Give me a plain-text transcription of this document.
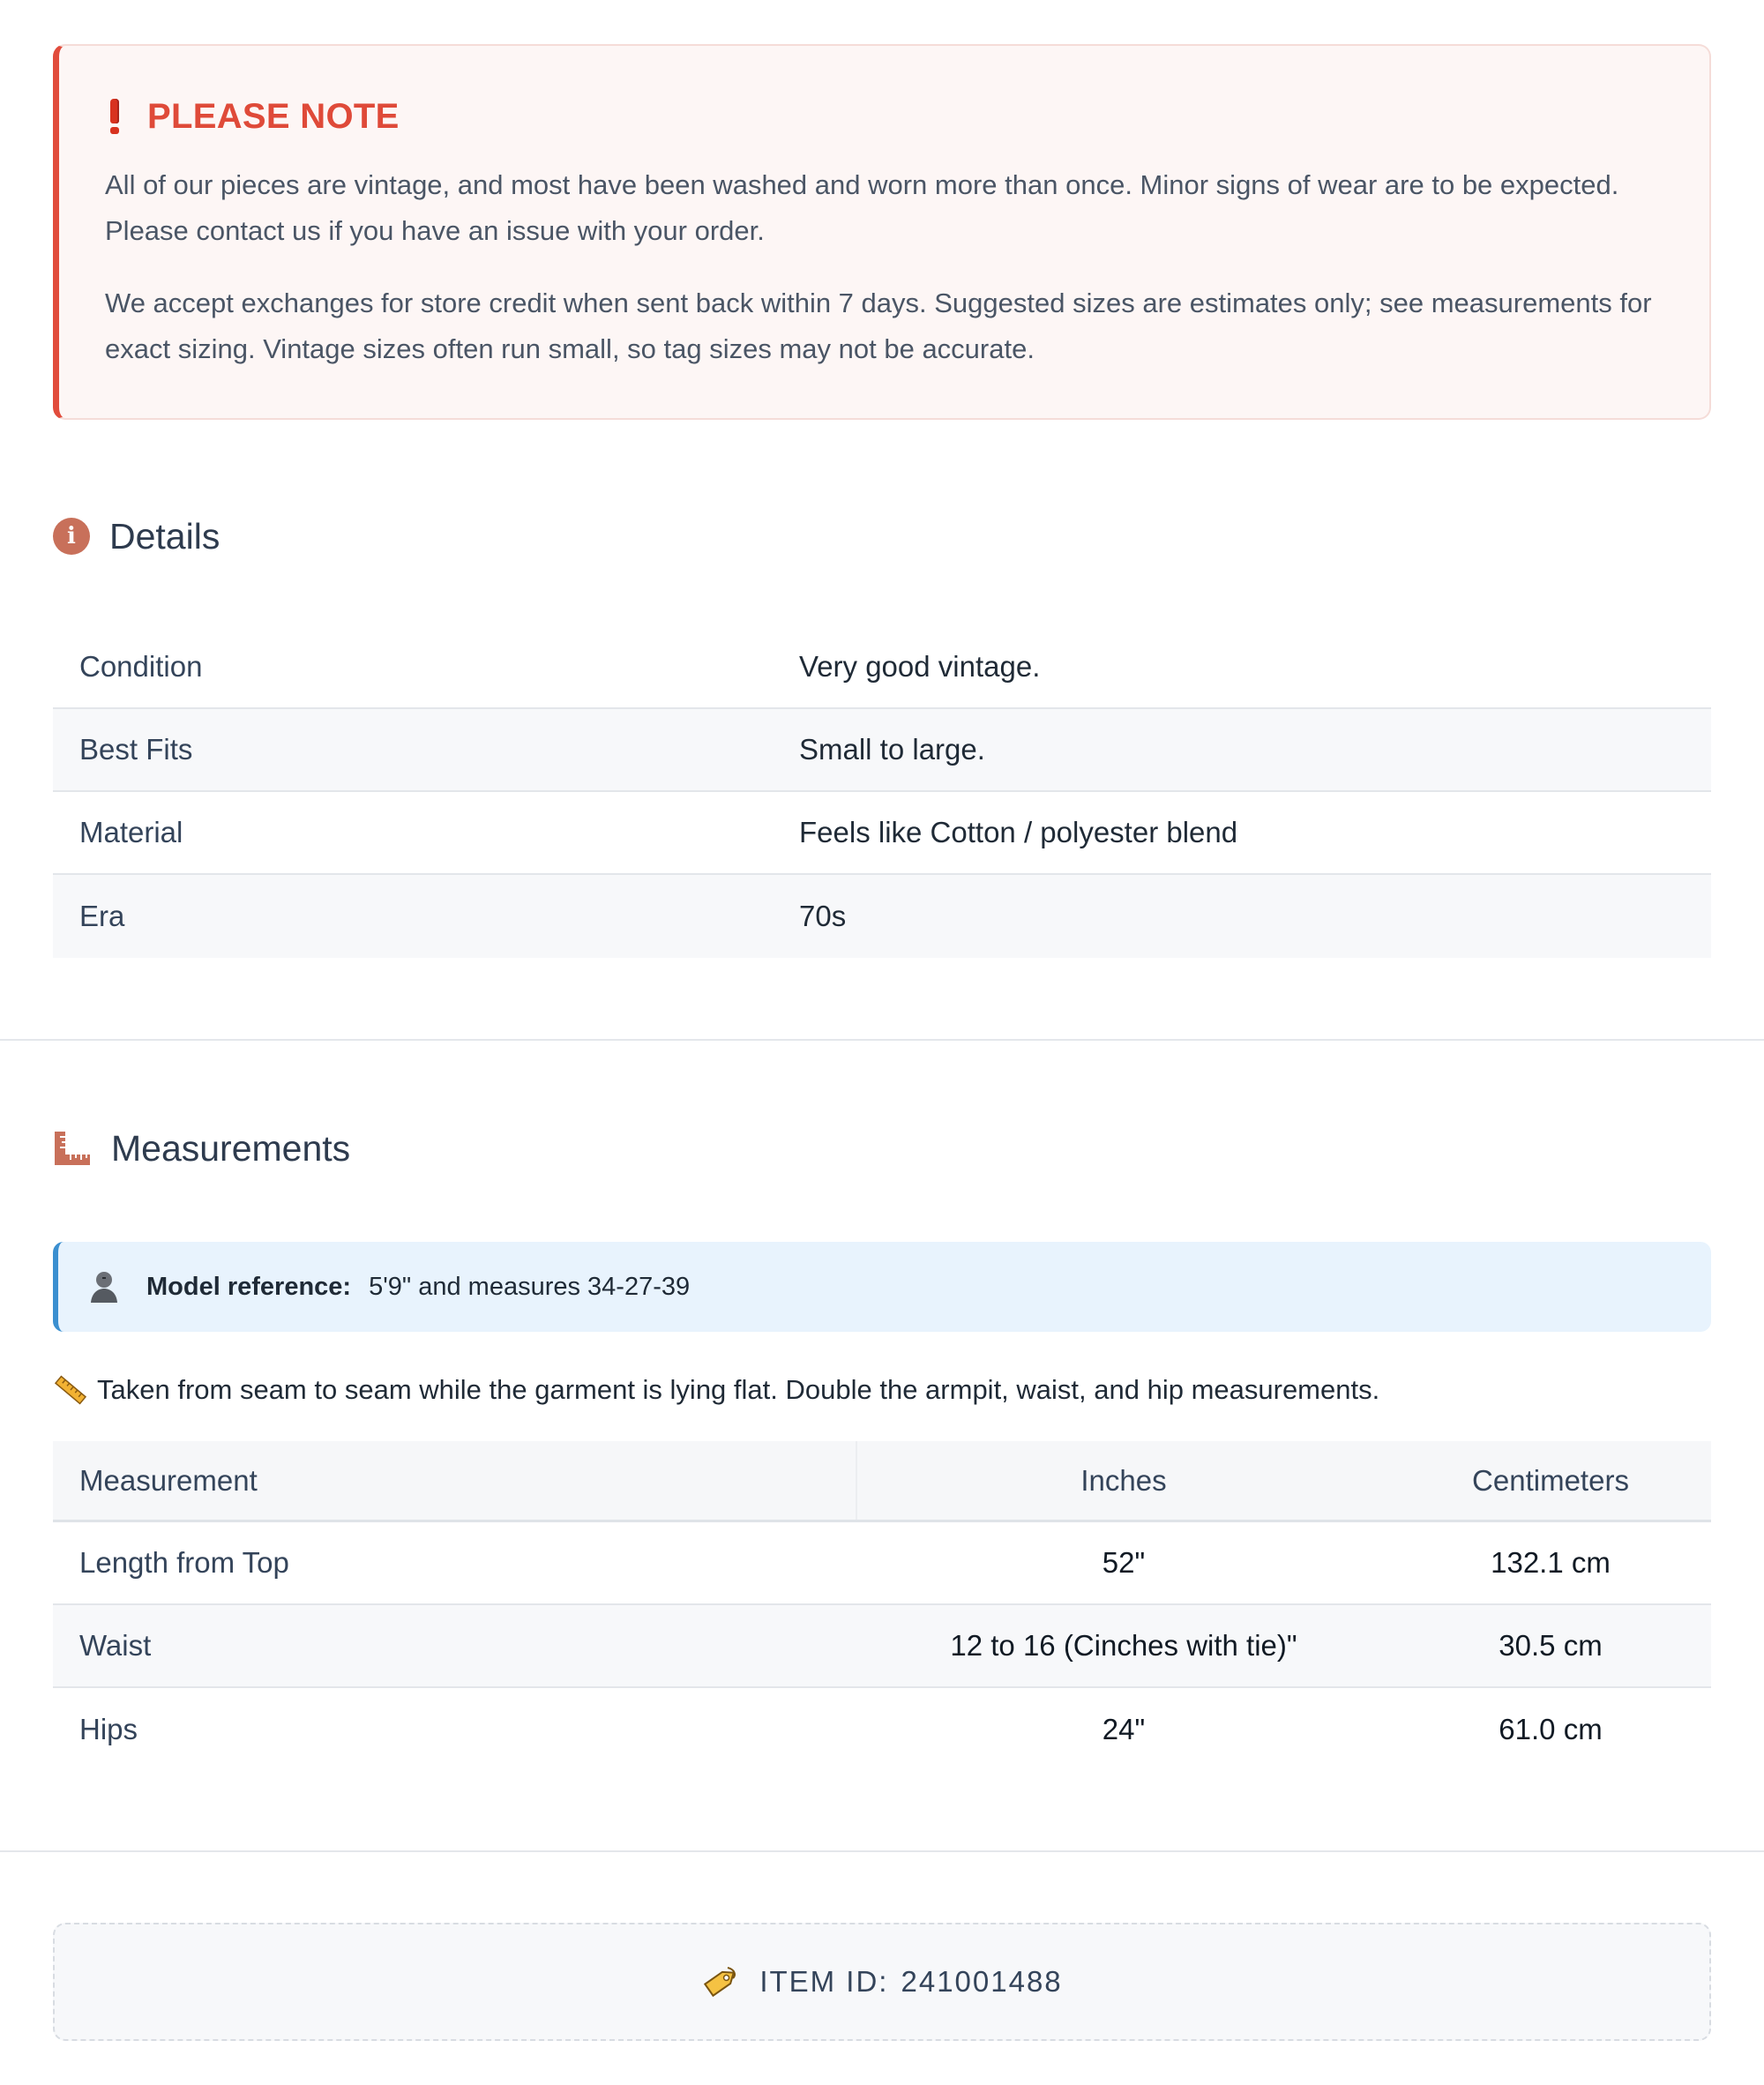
PLEASE NOTE

All of our pieces are vintage, and most have been washed and worn more than once. Minor signs of wear are to be expected. Please contact us if you have an issue with your order.

We accept exchanges for store credit when sent back within 7 days. Suggested sizes are estimates only; see measurements for exact sizing. Vintage sizes often run small, so tag sizes may not be accurate.

i Details
Condition	Very good vintage.
Best Fits	Small to large.
Material	Feels like Cotton / polyester blend
Era	70s
Measurements
Model reference: 5'9" and measures 34-27-39
Taken from seam to seam while the garment is lying flat. Double the armpit, waist, and hip measurements.
Measurement	Inches	Centimeters
Length from Top	52"	132.1 cm
Waist	12 to 16 (Cinches with tie)"	30.5 cm
Hips	24"	61.0 cm
ITEM ID: 241001488
